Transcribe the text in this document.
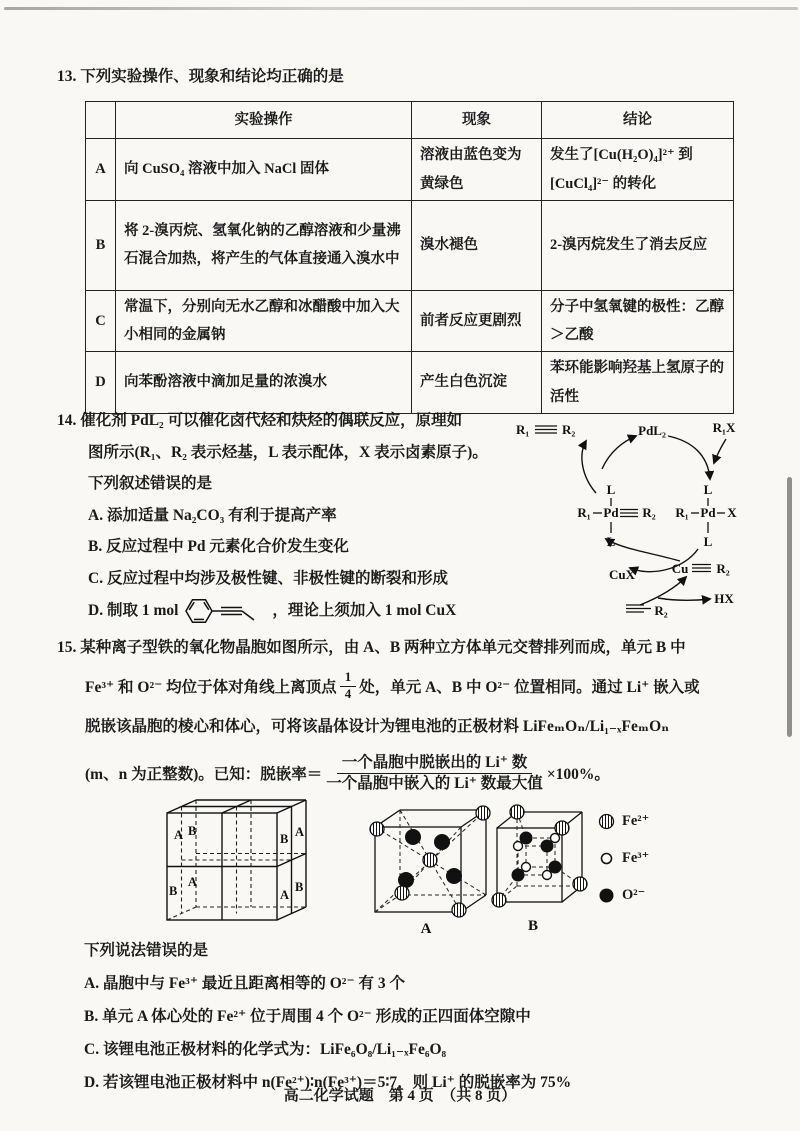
13. 下列实验操作、现象和结论均正确的是
	实验操作	现象	结论
A	向 CuSO₄ 溶液中加入 NaCl 固体	溶液由蓝色变为黄绿色	发生了[Cu(H₂O)₄]²⁺ 到[CuCl₄]²⁻ 的转化
B	将 2-溴丙烷、氢氧化钠的乙醇溶液和少量沸石混合加热，将产生的气体直接通入溴水中	溴水褪色	2-溴丙烷发生了消去反应
C	常温下，分别向无水乙醇和冰醋酸中加入大小相同的金属钠	前者反应更剧烈	分子中氢氧键的极性：乙醇＞乙酸
D	向苯酚溶液中滴加足量的浓溴水	产生白色沉淀	苯环能影响羟基上氢原子的活性
14. 催化剂 PdL₂ 可以催化卤代烃和炔烃的偶联反应，原理如
图所示(R₁、R₂ 表示烃基，L 表示配体，X 表示卤素原子)。
下列叙述错误的是
A. 添加适量 Na₂CO₃ 有利于提高产率
B. 反应过程中 Pd 元素化合价发生变化
C. 反应过程中均涉及极性键、非极性键的断裂和形成
D. 制取 1 mol	，理论上须加入 1 mol CuX
R₁	R₂	PdL₂	R₁X
L
R₁ Pd R₂
L
L
R₁ Pd X
L
CuX	Cu R₂
HX
R₂
15. 某种离子型铁的氧化物晶胞如图所示，由 A、B 两种立方体单元交替排列而成，单元 B 中
Fe³⁺ 和 O²⁻ 均位于体对角线上离顶点 $\frac{1}{4}$ 处，单元 A、B 中 O²⁻ 位置相同。通过 Li⁺ 嵌入或
脱嵌该晶胞的棱心和体心，可将该晶体设计为锂电池的正极材料 LiFeₘOₙ/Li₁₋ₓFeₘOₙ
(m、n 为正整数)。已知：脱嵌率＝ $\frac{\text{一个晶胞中脱嵌出的 Li⁺ 数}}{\text{一个晶胞中嵌入的 Li⁺ 数最大值}} \times 100\%$。
A B
B A
B
A
A
B
A	B
Fe²⁺
Fe³⁺
O²⁻
下列说法错误的是
A. 晶胞中与 Fe³⁺ 最近且距离相等的 O²⁻ 有 3 个
B. 单元 A 体心处的 Fe²⁺ 位于周围 4 个 O²⁻ 形成的正四面体空隙中
C. 该锂电池正极材料的化学式为：LiFe₆O₈/Li₁₋ₓFe₆O₈
D. 若该锂电池正极材料中 n(Fe²⁺)∶n(Fe³⁺)＝5∶7，则 Li⁺ 的脱嵌率为 75%
高二化学试题　第 4 页　（共 8 页）
